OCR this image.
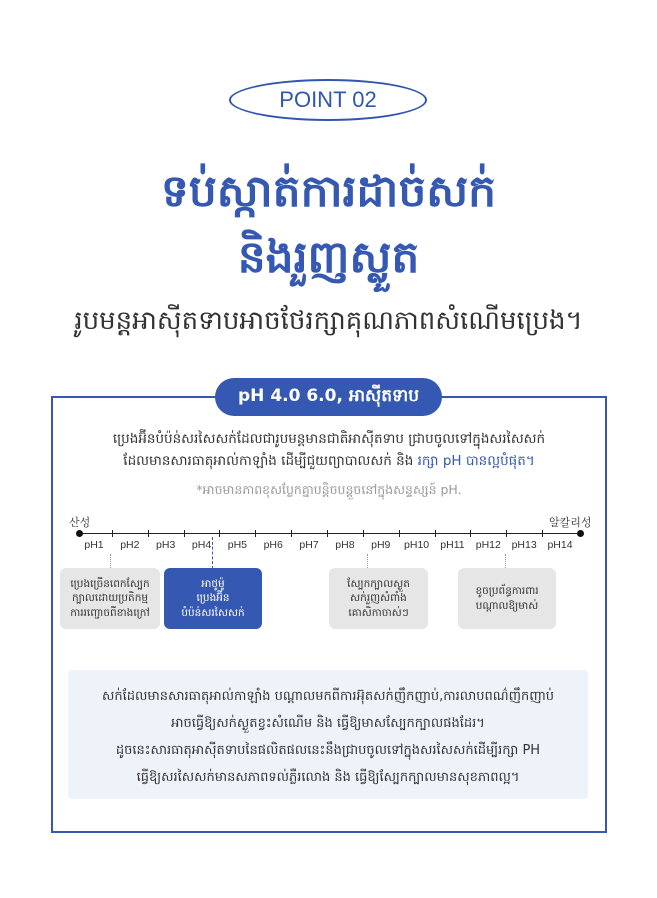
POINT 02
ទប់ស្កាត់ការដាច់សក់
និងរួញស្លួត
រូបមន្តអាស៊ីតទាបអាចថែរក្សាគុណភាពសំណើមប្រេង។
pH 4.0 6.0, អាស៊ីតទាប
ប្រេងអ៊ីនបំប៉ន់សរសៃសក់ដែលជារូបមន្តមានជាតិអាស៊ីតទាប ជ្រាបចូលទៅក្នុងសរសៃសក់
ដែលមានសារធាតុអាល់កាឡាំង ដើម្បីជួយព្យាបាលសក់ និង រក្សា pH បានល្អបំផុត។
*អាចមានភាពខុសប្លែកគ្នាបន្តិចបន្តួចនៅក្នុងសន្ទស្សន៍ pH.
산성	알칼리성
pH1	pH2	pH3	pH4	pH5	pH6	pH7	pH8	pH9	pH10	pH11	pH12	pH13	pH14
ប្រេងច្រើនពេកស្បែក
ក្បាលដោយប្រតិកម្ម
ការរញ្ជោចពីខាងក្រៅ
អាថូម៉ូ
ប្រេងអ៊ីន
បំប៉ន់សរសៃសក់
ស្បែកក្បាលស្ងួត
សក់រួញសំពាំង
គោសិកាចាស់ៗ
ខូចប្រព័ន្ធការពារ
បណ្ដាលឱ្យមាស់
សក់ដែលមានសារធាតុអាល់កាឡាំង បណ្ដាលមកពីការអ៊ុតសក់ញឹកញាប់,ការលាបពណ៌ញឹកញាប់
អាចធ្វើឱ្យសក់ស្ងួតខ្វះសំណើម និង ធ្វើឱ្យមាសស្បែកក្បាលផងដែរ។
ដូចនេះសារធាតុអាស៊ីតទាបនៃផលិតផលនេះនឹងជ្រាបចូលទៅក្នុងសរសៃសក់ដើម្បីរក្សា PH
ធ្វើឱ្យសរសៃសក់មានសភាពទល់ភ្លឺរលោង និង ធ្វើឱ្យស្បែកក្បាលមានសុខភាពល្អ។
